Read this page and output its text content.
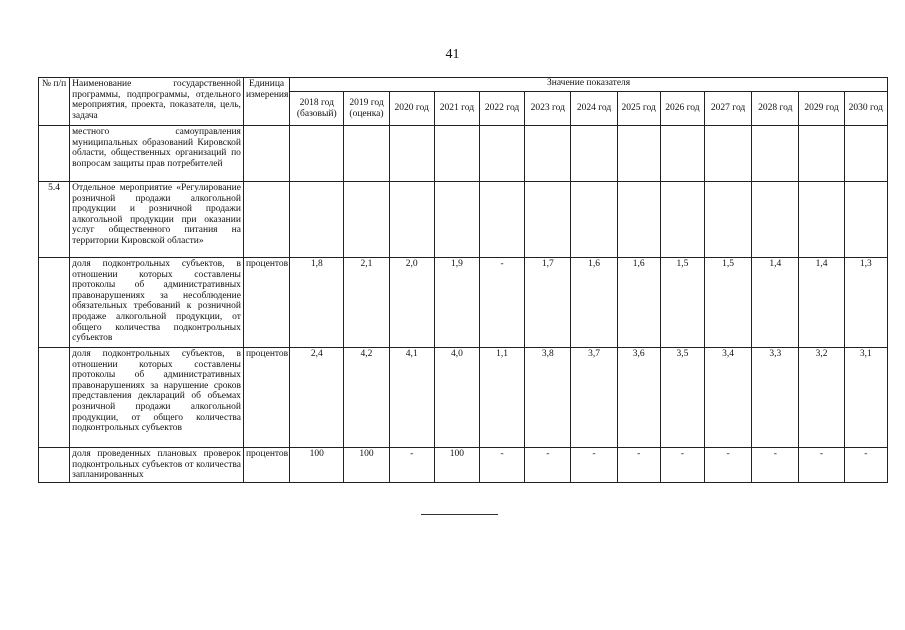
41
№ п/п	Наименование государственной программы, подпрограммы, отдельного мероприятия, проекта, показателя, цель, задача	Единица измерения	Значение показателя												
			2018 год (базовый)	2019 год (оценка)	2020 год	2021 год	2022 год	2023 год	2024 год	2025 год	2026 год	2027 год	2028 год	2029 год	2030 год
	местного самоуправления муниципальных образований Кировской области, общественных организаций по вопросам защиты прав потребителей														
5.4	Отдельное мероприятие «Регулирование розничной продажи алкогольной продукции и розничной продажи алкогольной продукции при оказании услуг общественного питания на территории Кировской области»														
	доля подконтрольных субъектов, в отношении которых составлены протоколы об административных правонарушениях за несоблюдение обязательных требований к розничной продаже алкогольной продукции, от общего количества подконтрольных субъектов	процентов	1,8	2,1	2,0	1,9	-	1,7	1,6	1,6	1,5	1,5	1,4	1,4	1,3
	доля подконтрольных субъектов, в отношении которых составлены протоколы об административных правонарушениях за нарушение сроков представления деклараций об объемах розничной продажи алкогольной продукции, от общего количества подконтрольных субъектов	процентов	2,4	4,2	4,1	4,0	1,1	3,8	3,7	3,6	3,5	3,4	3,3	3,2	3,1
	доля проведенных плановых проверок подконтрольных субъектов от количества запланированных	процентов	100	100	-	100	-	-	-	-	-	-	-	-	-
